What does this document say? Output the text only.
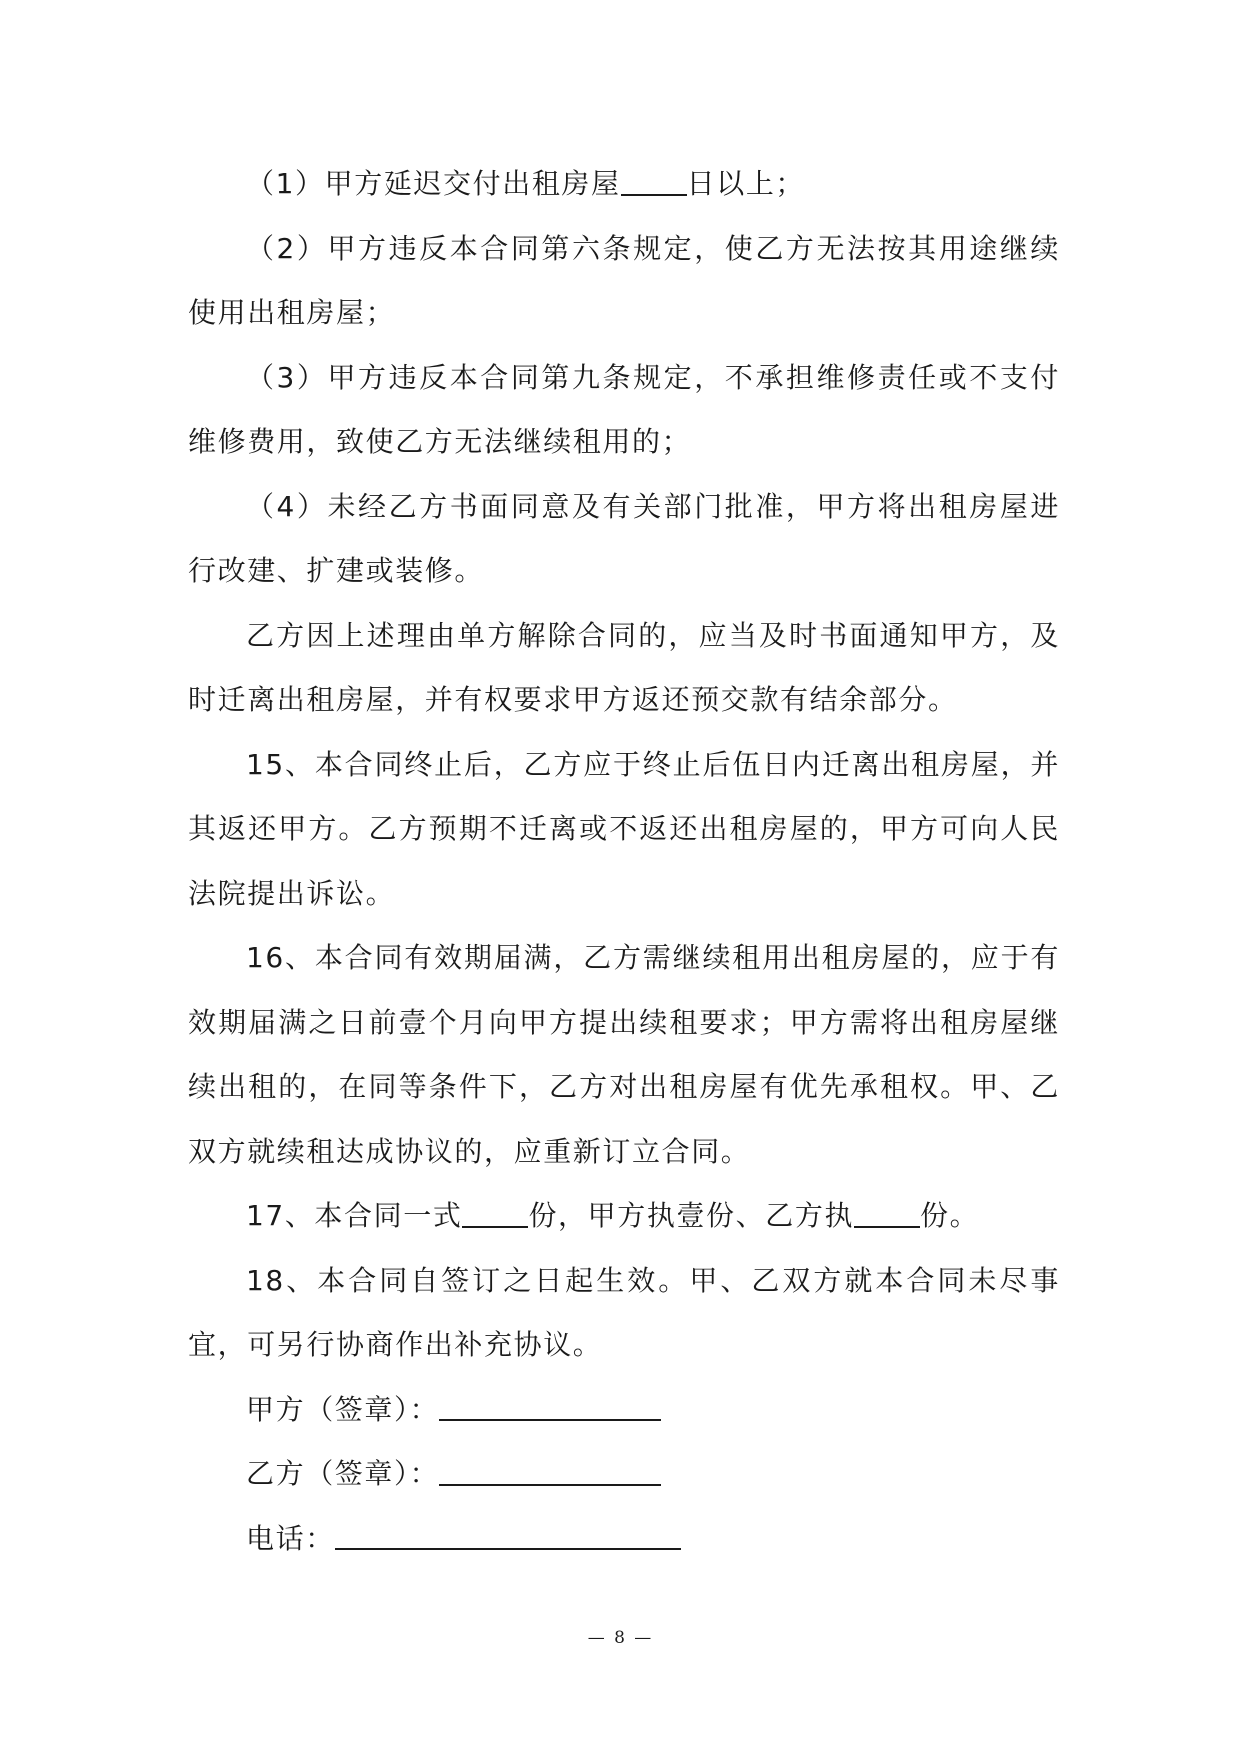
（1）甲方延迟交付出租房屋 日以上；

（2）甲方违反本合同第六条规定，使乙方无法按其用途继续使用出租房屋；

（3）甲方违反本合同第九条规定，不承担维修责任或不支付维修费用，致使乙方无法继续租用的；

（4）未经乙方书面同意及有关部门批准，甲方将出租房屋进行改建、扩建或装修。

乙方因上述理由单方解除合同的，应当及时书面通知甲方，及时迁离出租房屋，并有权要求甲方返还预交款有结余部分。

15、本合同终止后，乙方应于终止后伍日内迁离出租房屋，并其返还甲方。乙方预期不迁离或不返还出租房屋的，甲方可向人民法院提出诉讼。

16、本合同有效期届满，乙方需继续租用出租房屋的，应于有效期届满之日前壹个月向甲方提出续租要求；甲方需将出租房屋继续出租的，在同等条件下，乙方对出租房屋有优先承租权。甲、乙双方就续租达成协议的，应重新订立合同。

17、本合同一式 份，甲方执壹份、乙方执 份。

18、本合同自签订之日起生效。甲、乙双方就本合同未尽事宜，可另行协商作出补充协议。

甲方（签章）：

乙方（签章）：

电话：

— 8 —
